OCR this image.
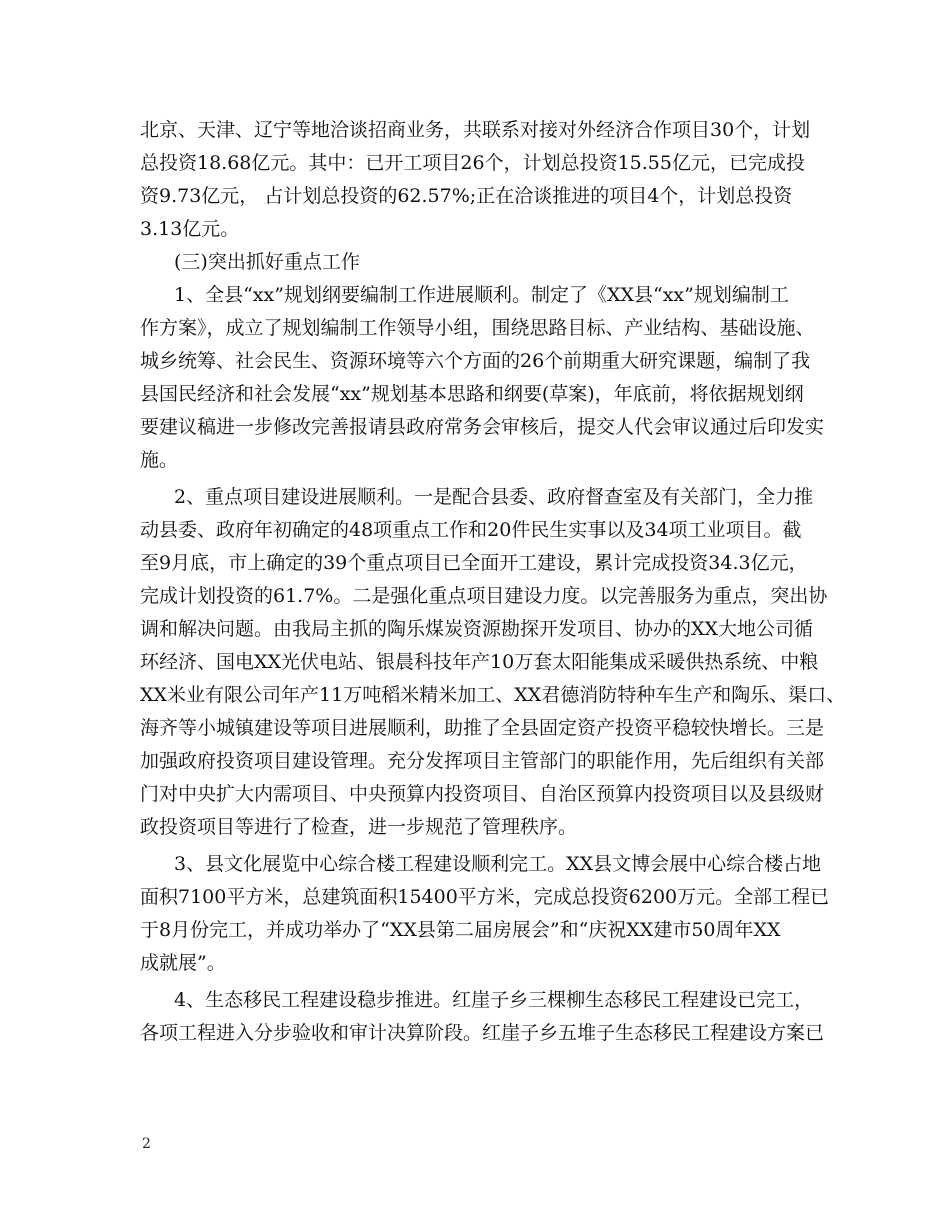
北京、天津、辽宁等地洽谈招商业务，共联系对接对外经济合作项目30个，计划
总投资18.68亿元。其中：已开工项目26个，计划总投资15.55亿元，已完成投
资9.73亿元， 占计划总投资的62.57%;正在洽谈推进的项目4个，计划总投资
3.13亿元。
(三)突出抓好重点工作
1、全县“xx”规划纲要编制工作进展顺利。制定了《XX县“xx”规划编制工
作方案》，成立了规划编制工作领导小组，围绕思路目标、产业结构、基础设施、
城乡统筹、社会民生、资源环境等六个方面的26个前期重大研究课题，编制了我
县国民经济和社会发展“xx”规划基本思路和纲要(草案)，年底前，将依据规划纲
要建议稿进一步修改完善报请县政府常务会审核后，提交人代会审议通过后印发实
施。
2、重点项目建设进展顺利。一是配合县委、政府督查室及有关部门，全力推
动县委、政府年初确定的48项重点工作和20件民生实事以及34项工业项目。截
至9月底，市上确定的39个重点项目已全面开工建设，累计完成投资34.3亿元，
完成计划投资的61.7%。二是强化重点项目建设力度。以完善服务为重点，突出协
调和解决问题。由我局主抓的陶乐煤炭资源勘探开发项目、协办的XX大地公司循
环经济、国电XX光伏电站、银晨科技年产10万套太阳能集成采暖供热系统、中粮
XX米业有限公司年产11万吨稻米精米加工、XX君德消防特种车生产和陶乐、渠口、
海齐等小城镇建设等项目进展顺利，助推了全县固定资产投资平稳较快增长。三是
加强政府投资项目建设管理。充分发挥项目主管部门的职能作用，先后组织有关部
门对中央扩大内需项目、中央预算内投资项目、自治区预算内投资项目以及县级财
政投资项目等进行了检查，进一步规范了管理秩序。
3、县文化展览中心综合楼工程建设顺利完工。XX县文博会展中心综合楼占地
面积7100平方米，总建筑面积15400平方米，完成总投资6200万元。全部工程已
于8月份完工，并成功举办了“XX县第二届房展会”和“庆祝XX建市50周年XX
成就展”。
4、生态移民工程建设稳步推进。红崖子乡三棵柳生态移民工程建设已完工，
各项工程进入分步验收和审计决算阶段。红崖子乡五堆子生态移民工程建设方案已
2
